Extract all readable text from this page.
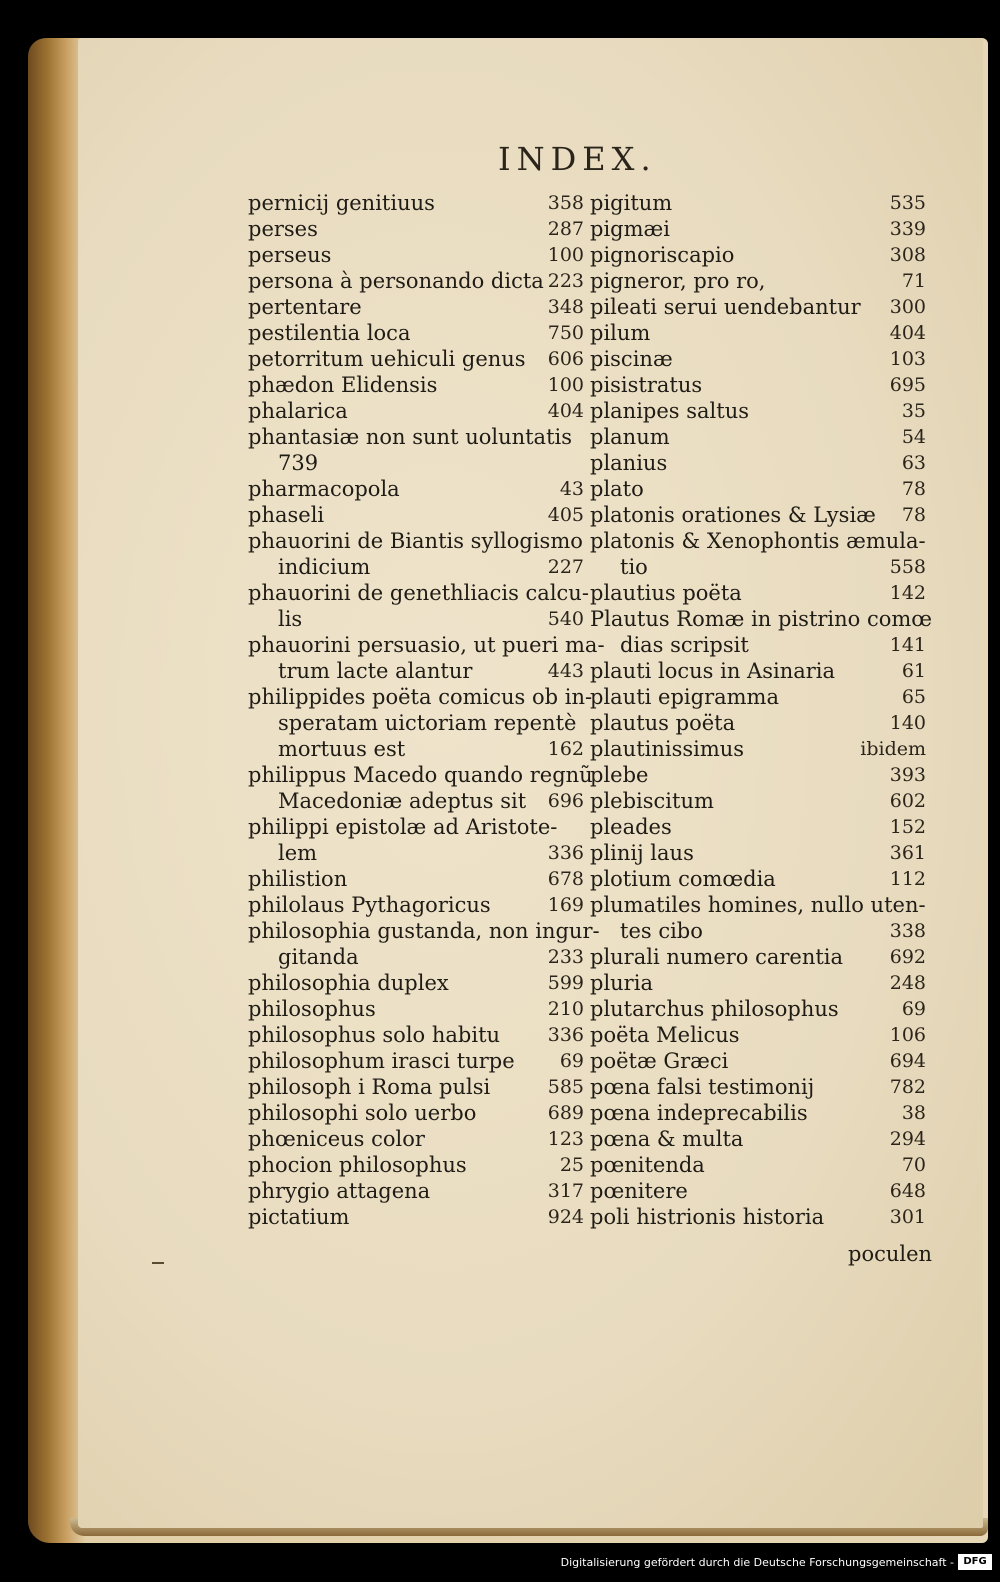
INDEX.
pernicij genitiuus	358
perses	287
perseus	100
persona à personando dicta 223
pertentare	348
pestilentia loca	750
petorritum uehiculi genus	606
phædon Elidensis	100
phalarica	404
phantasiæ non sunt uoluntatis
739
pharmacopola	43
phaseli	405
phauorini de Biantis syllogismo
indicium	227
phauorini de genethliacis calcu-
lis	540
phauorini persuasio, ut pueri ma-
trum lacte alantur	443
philippides poëta comicus ob in-
speratam uictoriam repentè
mortuus est	162
philippus Macedo quando regnũ
Macedoniæ adeptus sit	696
philippi epistolæ ad Aristote-
lem	336
philistion	678
philolaus Pythagoricus	169
philosophia gustanda, non ingur-
gitanda	233
philosophia duplex	599
philosophus	210
philosophus solo habitu	336
philosophum irasci turpe	69
philosoph i Roma pulsi	585
philosophi solo uerbo	689
phœniceus color	123
phocion philosophus	25
phrygio attagena	317
pictatium	924
pigitum	535
pigmæi	339
pignoriscapio	308
pigneror, pro ro,	71
pileati serui uendebantur	300
pilum	404
piscinæ	103
pisistratus	695
planipes saltus	35
planum	54
planius	63
plato	78
platonis orationes & Lysiæ	78
platonis & Xenophontis æmula-
tio	558
plautius poëta	142
Plautus Romæ in pistrino comœ
dias scripsit	141
plauti locus in Asinaria	61
plauti epigramma	65
plautus poëta	140
plautinissimus	ibidem
plebe	393
plebiscitum	602
pleades	152
plinij laus	361
plotium comœdia	112
plumatiles homines, nullo uten-
tes cibo	338
plurali numero carentia	692
pluria	248
plutarchus philosophus	69
poëta Melicus	106
poëtæ Græci	694
pœna falsi testimonij	782
pœna indeprecabilis	38
pœna & multa	294
pœnitenda	70
pœnitere	648
poli histrionis historia	301
poculen
Digitalisierung gefördert durch die Deutsche Forschungsgemeinschaft - DFG
